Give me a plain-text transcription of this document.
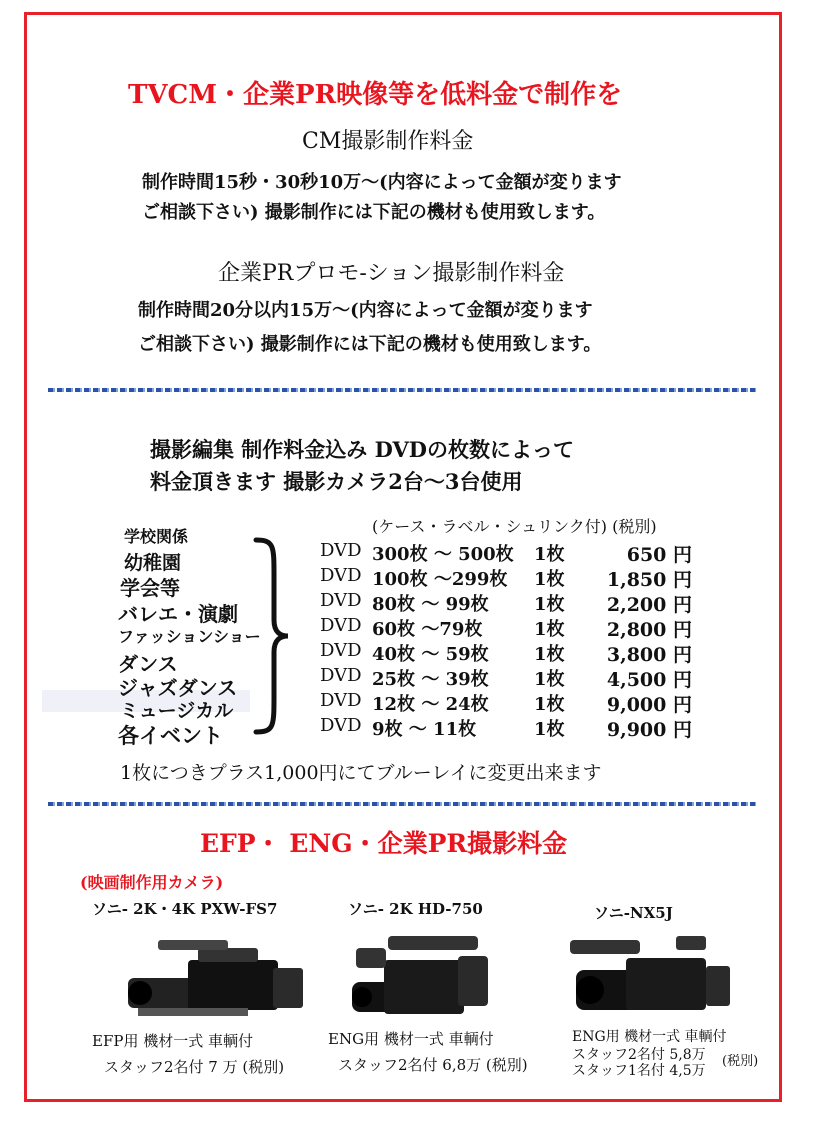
TVCM・企業PR映像等を低料金で制作を
CM撮影制作料金
制作時間15秒・30秒10万〜(内容によって金額が変ります
ご相談下さい) 撮影制作には下記の機材も使用致します。
企業PRプロモ-ション撮影制作料金
制作時間20分以内15万〜(内容によって金額が変ります
ご相談下さい) 撮影制作には下記の機材も使用致します。
撮影編集 制作料金込み DVDの枚数によって
料金頂きます 撮影カメラ2台〜3台使用
(ケース・ラベル・シュリンク付) (税別)
学校関係
幼稚園
学会等
バレエ・演劇
ファッションショー
ダンス
ジャズダンス
ミュージカル
各イベント
DVD 300枚 〜 500枚 1枚	650 円
DVD 100枚 〜299枚 1枚 1,850 円
DVD 80枚 〜 99枚	1枚 2,200 円
DVD 60枚 〜79枚	1枚 2,800 円
DVD 40枚 〜 59枚	1枚 3,800 円
DVD 25枚 〜 39枚	1枚 4,500 円
DVD 12枚 〜 24枚	1枚 9,000 円
DVD 9枚 〜 11枚	1枚 9,900 円
1枚につきプラス1,000円にてブルーレイに変更出来ます
EFP・ ENG・企業PR撮影料金
(映画制作用カメラ)
ソニ- 2K・4K PXW-FS7
EFP用 機材一式 車輌付
スタッフ2名付 7 万 (税別)
ソニ- 2K HD-750
ENG用 機材一式 車輌付
スタッフ2名付 6,8万 (税別)
ソニ-NX5J
ENG用 機材一式 車輌付
スタッフ2名付 5,8万
スタッフ1名付 4,5万
(税別)
